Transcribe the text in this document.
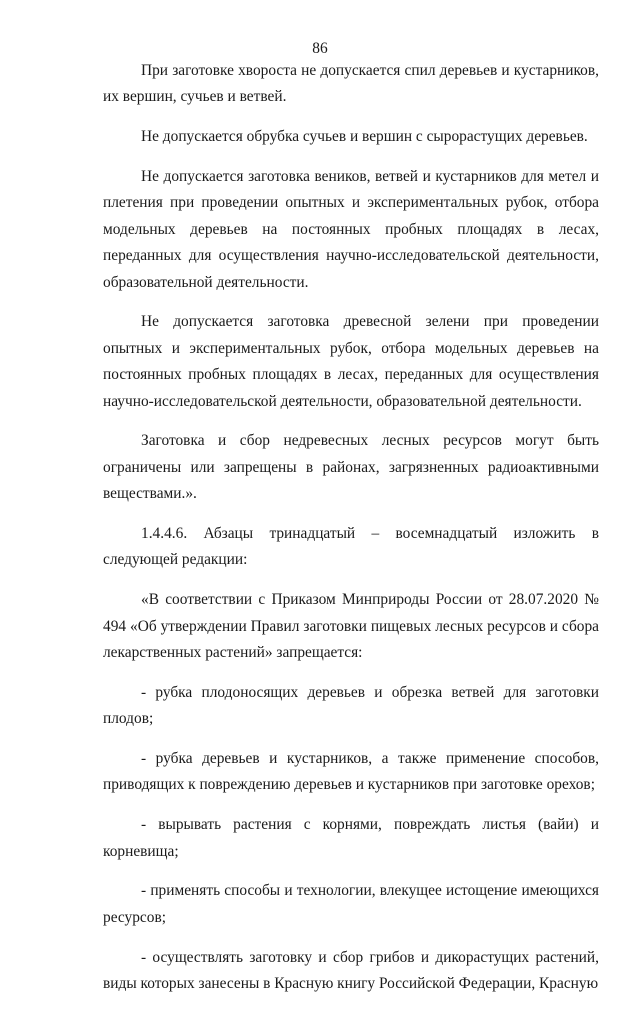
86

При заготовке хвороста не допускается спил деревьев и кустарников, их вершин, сучьев и ветвей.

Не допускается обрубка сучьев и вершин с сырорастущих деревьев.

Не допускается заготовка веников, ветвей и кустарников для метел и плетения при проведении опытных и экспериментальных рубок, отбора модельных деревьев на постоянных пробных площадях в лесах, переданных для осуществления научно-исследовательской деятельности, образовательной деятельности.

Не допускается заготовка древесной зелени при проведении опытных и экспериментальных рубок, отбора модельных деревьев на постоянных пробных площадях в лесах, переданных для осуществления научно-исследовательской деятельности, образовательной деятельности.

Заготовка и сбор недревесных лесных ресурсов могут быть ограничены или запрещены в районах, загрязненных радиоактивными веществами.».

1.4.4.6. Абзацы тринадцатый – восемнадцатый изложить в следующей редакции:

«В соответствии с Приказом Минприроды России от 28.07.2020 № 494 «Об утверждении Правил заготовки пищевых лесных ресурсов и сбора лекарственных растений» запрещается:

- рубка плодоносящих деревьев и обрезка ветвей для заготовки плодов;

- рубка деревьев и кустарников, а также применение способов, приводящих к повреждению деревьев и кустарников при заготовке орехов;

- вырывать растения с корнями, повреждать листья (вайи) и корневища;

- применять способы и технологии, влекущее истощение имеющихся ресурсов;

- осуществлять заготовку и сбор грибов и дикорастущих растений, виды которых занесены в Красную книгу Российской Федерации, Красную
